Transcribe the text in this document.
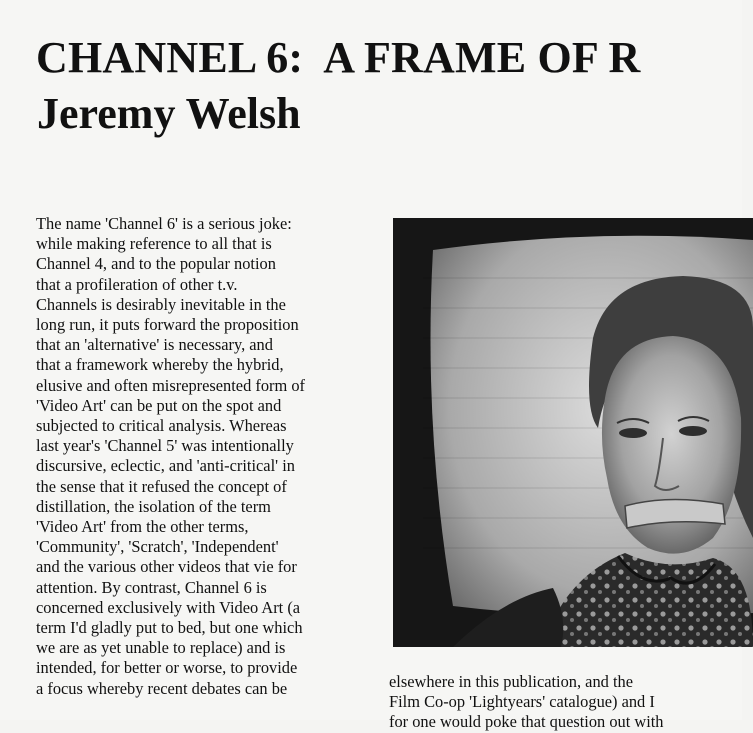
CHANNEL 6:  A FRAME OF R
Jeremy Welsh
The name 'Channel 6' is a serious joke:
while making reference to all that is
Channel 4, and to the popular notion
that a profileration of other t.v.
Channels is desirably inevitable in the
long run, it puts forward the proposition
that an 'alternative' is necessary, and
that a framework whereby the hybrid,
elusive and often misrepresented form of
'Video Art' can be put on the spot and
subjected to critical analysis. Whereas
last year's 'Channel 5' was intentionally
discursive, eclectic, and 'anti-critical' in
the sense that it refused the concept of
distillation, the isolation of the term
'Video Art' from the other terms,
'Community', 'Scratch', 'Independent'
and the various other videos that vie for
attention. By contrast, Channel 6 is
concerned exclusively with Video Art (a
term I'd gladly put to bed, but one which
we are as yet unable to replace) and is
intended, for better or worse, to provide
a focus whereby recent debates can be	elsewhere in this publication, and the
Film Co-op 'Lightyears' catalogue) and I
for one would poke that question out with
